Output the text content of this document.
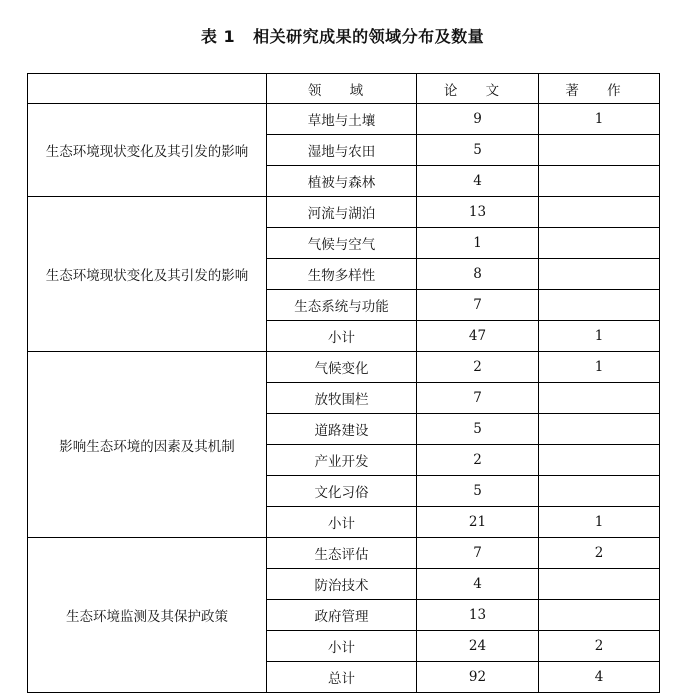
表 1 相关研究成果的领域分布及数量
	领 域	论 文	著 作
生态环境现状变化及其引发的影响	草地与土壤	9	1
	湿地与农田	5	
	植被与森林	4	
生态环境现状变化及其引发的影响	河流与湖泊	13	
	气候与空气	1	
	生物多样性	8	
	生态系统与功能	7	
	小计	47	1
影响生态环境的因素及其机制	气候变化	2	1
	放牧围栏	7	
	道路建设	5	
	产业开发	2	
	文化习俗	5	
	小计	21	1
生态环境监测及其保护政策	生态评估	7	2
	防治技术	4	
	政府管理	13	
	小计	24	2
	总计	92	4
